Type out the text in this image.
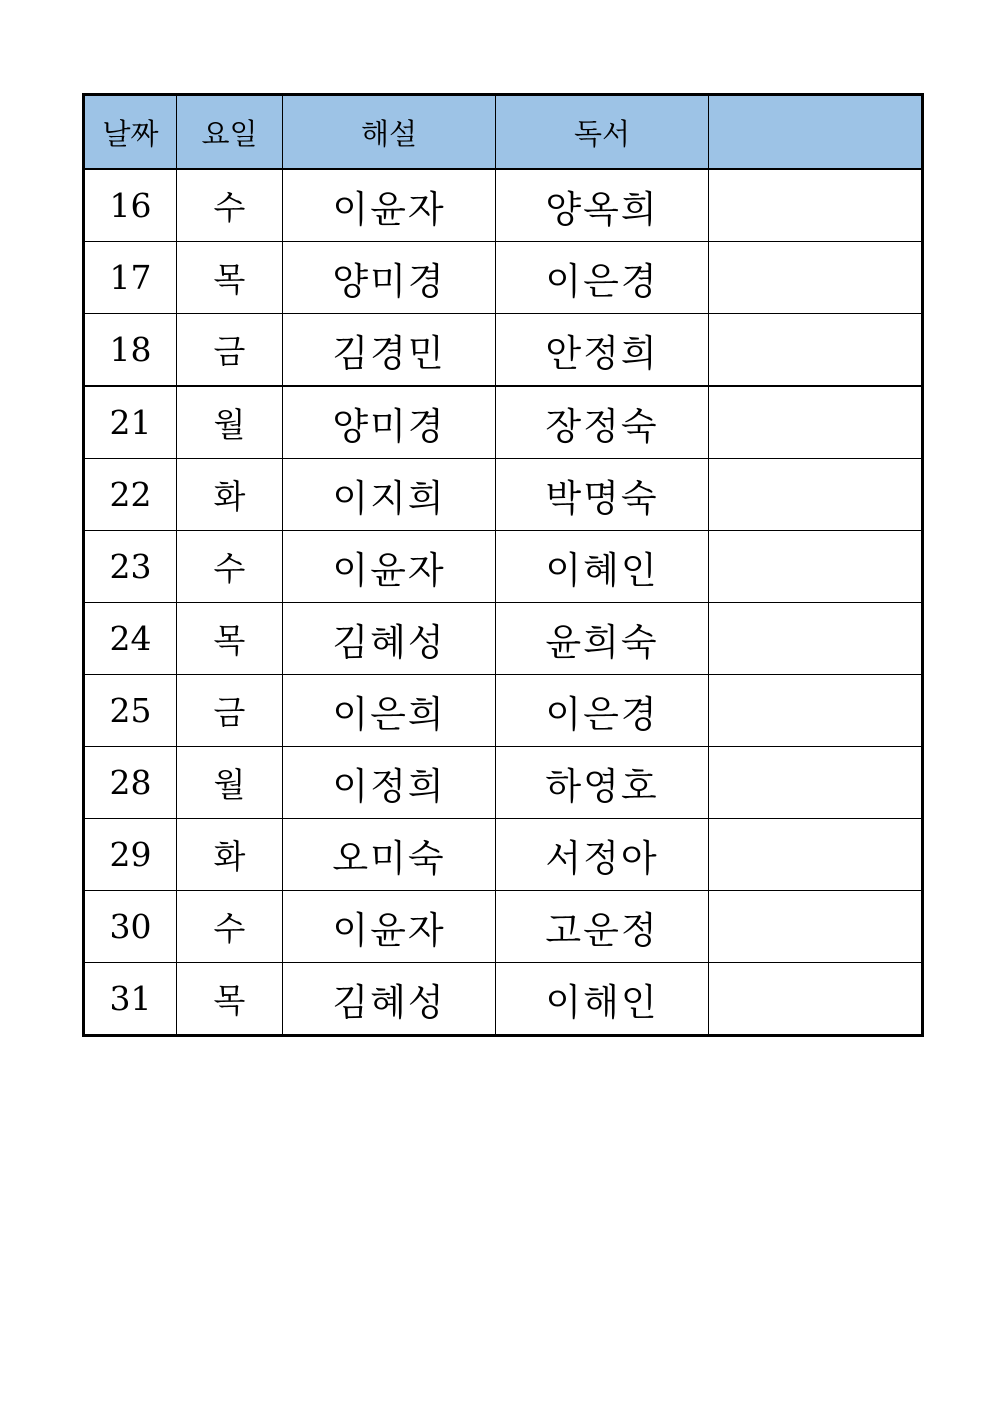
날짜	요일	해설	독서	
16	수	이윤자	양옥희	
17	목	양미경	이은경	
18	금	김경민	안정희	
21	월	양미경	장정숙	
22	화	이지희	박명숙	
23	수	이윤자	이혜인	
24	목	김혜성	윤희숙	
25	금	이은희	이은경	
28	월	이정희	하영호	
29	화	오미숙	서정아	
30	수	이윤자	고운정	
31	목	김혜성	이해인	
